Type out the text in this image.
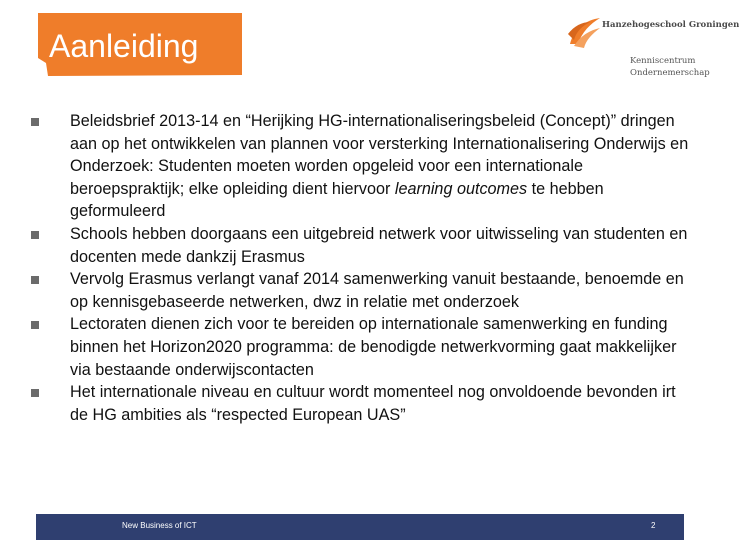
Aanleiding
Hanzehogeschool Groningen
Kenniscentrum
Ondernemerschap
Beleidsbrief 2013-14 en “Herijking HG-internationaliseringsbeleid (Concept)” dringen aan op het ontwikkelen van plannen voor versterking Internationalisering Onderwijs en Onderzoek: Studenten moeten worden opgeleid voor een internationale beroepspraktijk; elke opleiding dient hiervoor learning outcomes te hebben geformuleerd
Schools hebben doorgaans een uitgebreid netwerk voor uitwisseling van studenten en docenten mede dankzij Erasmus
Vervolg Erasmus verlangt vanaf 2014 samenwerking vanuit bestaande, benoemde en op kennisgebaseerde netwerken, dwz in relatie met onderzoek
Lectoraten dienen zich voor te bereiden op internationale samenwerking en funding binnen het Horizon2020 programma: de benodigde netwerkvorming gaat makkelijker via bestaande onderwijscontacten
Het internationale niveau en cultuur wordt momenteel nog onvoldoende bevonden irt de HG ambities als “respected European UAS”
New Business of ICT	2
